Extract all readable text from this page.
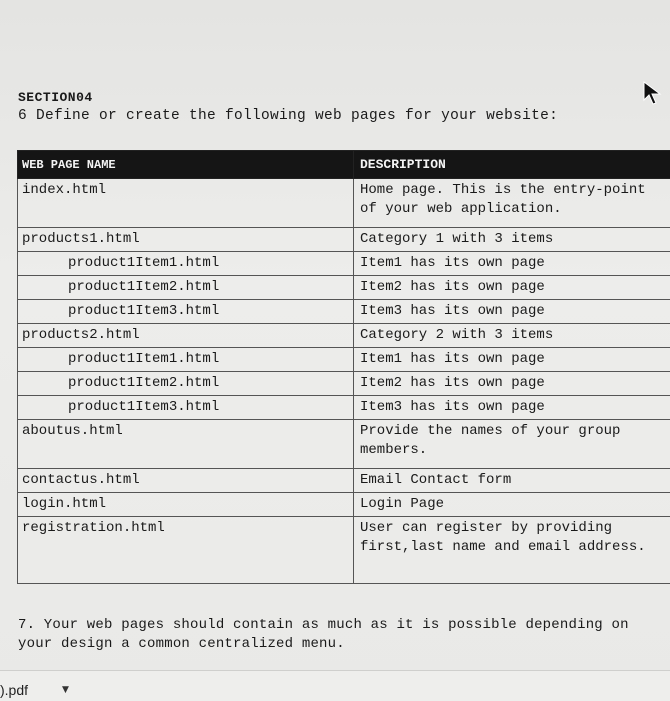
SECTION04
6 Define or create the following web pages for your website:
WEB PAGE NAME	DESCRIPTION
index.html	Home page. This is the entry-point of your web application.
products1.html	Category 1 with 3 items
product1Item1.html	Item1 has its own page
product1Item2.html	Item2 has its own page
product1Item3.html	Item3 has its own page
products2.html	Category 2 with 3 items
product1Item1.html	Item1 has its own page
product1Item2.html	Item2 has its own page
product1Item3.html	Item3 has its own page
aboutus.html	Provide the names of your group members.
contactus.html	Email Contact form
login.html	Login Page
registration.html	User can register by providing first,last name and email address.
7. Your web pages should contain as much as it is possible depending on your design a common centralized menu.
).pdf	▼
